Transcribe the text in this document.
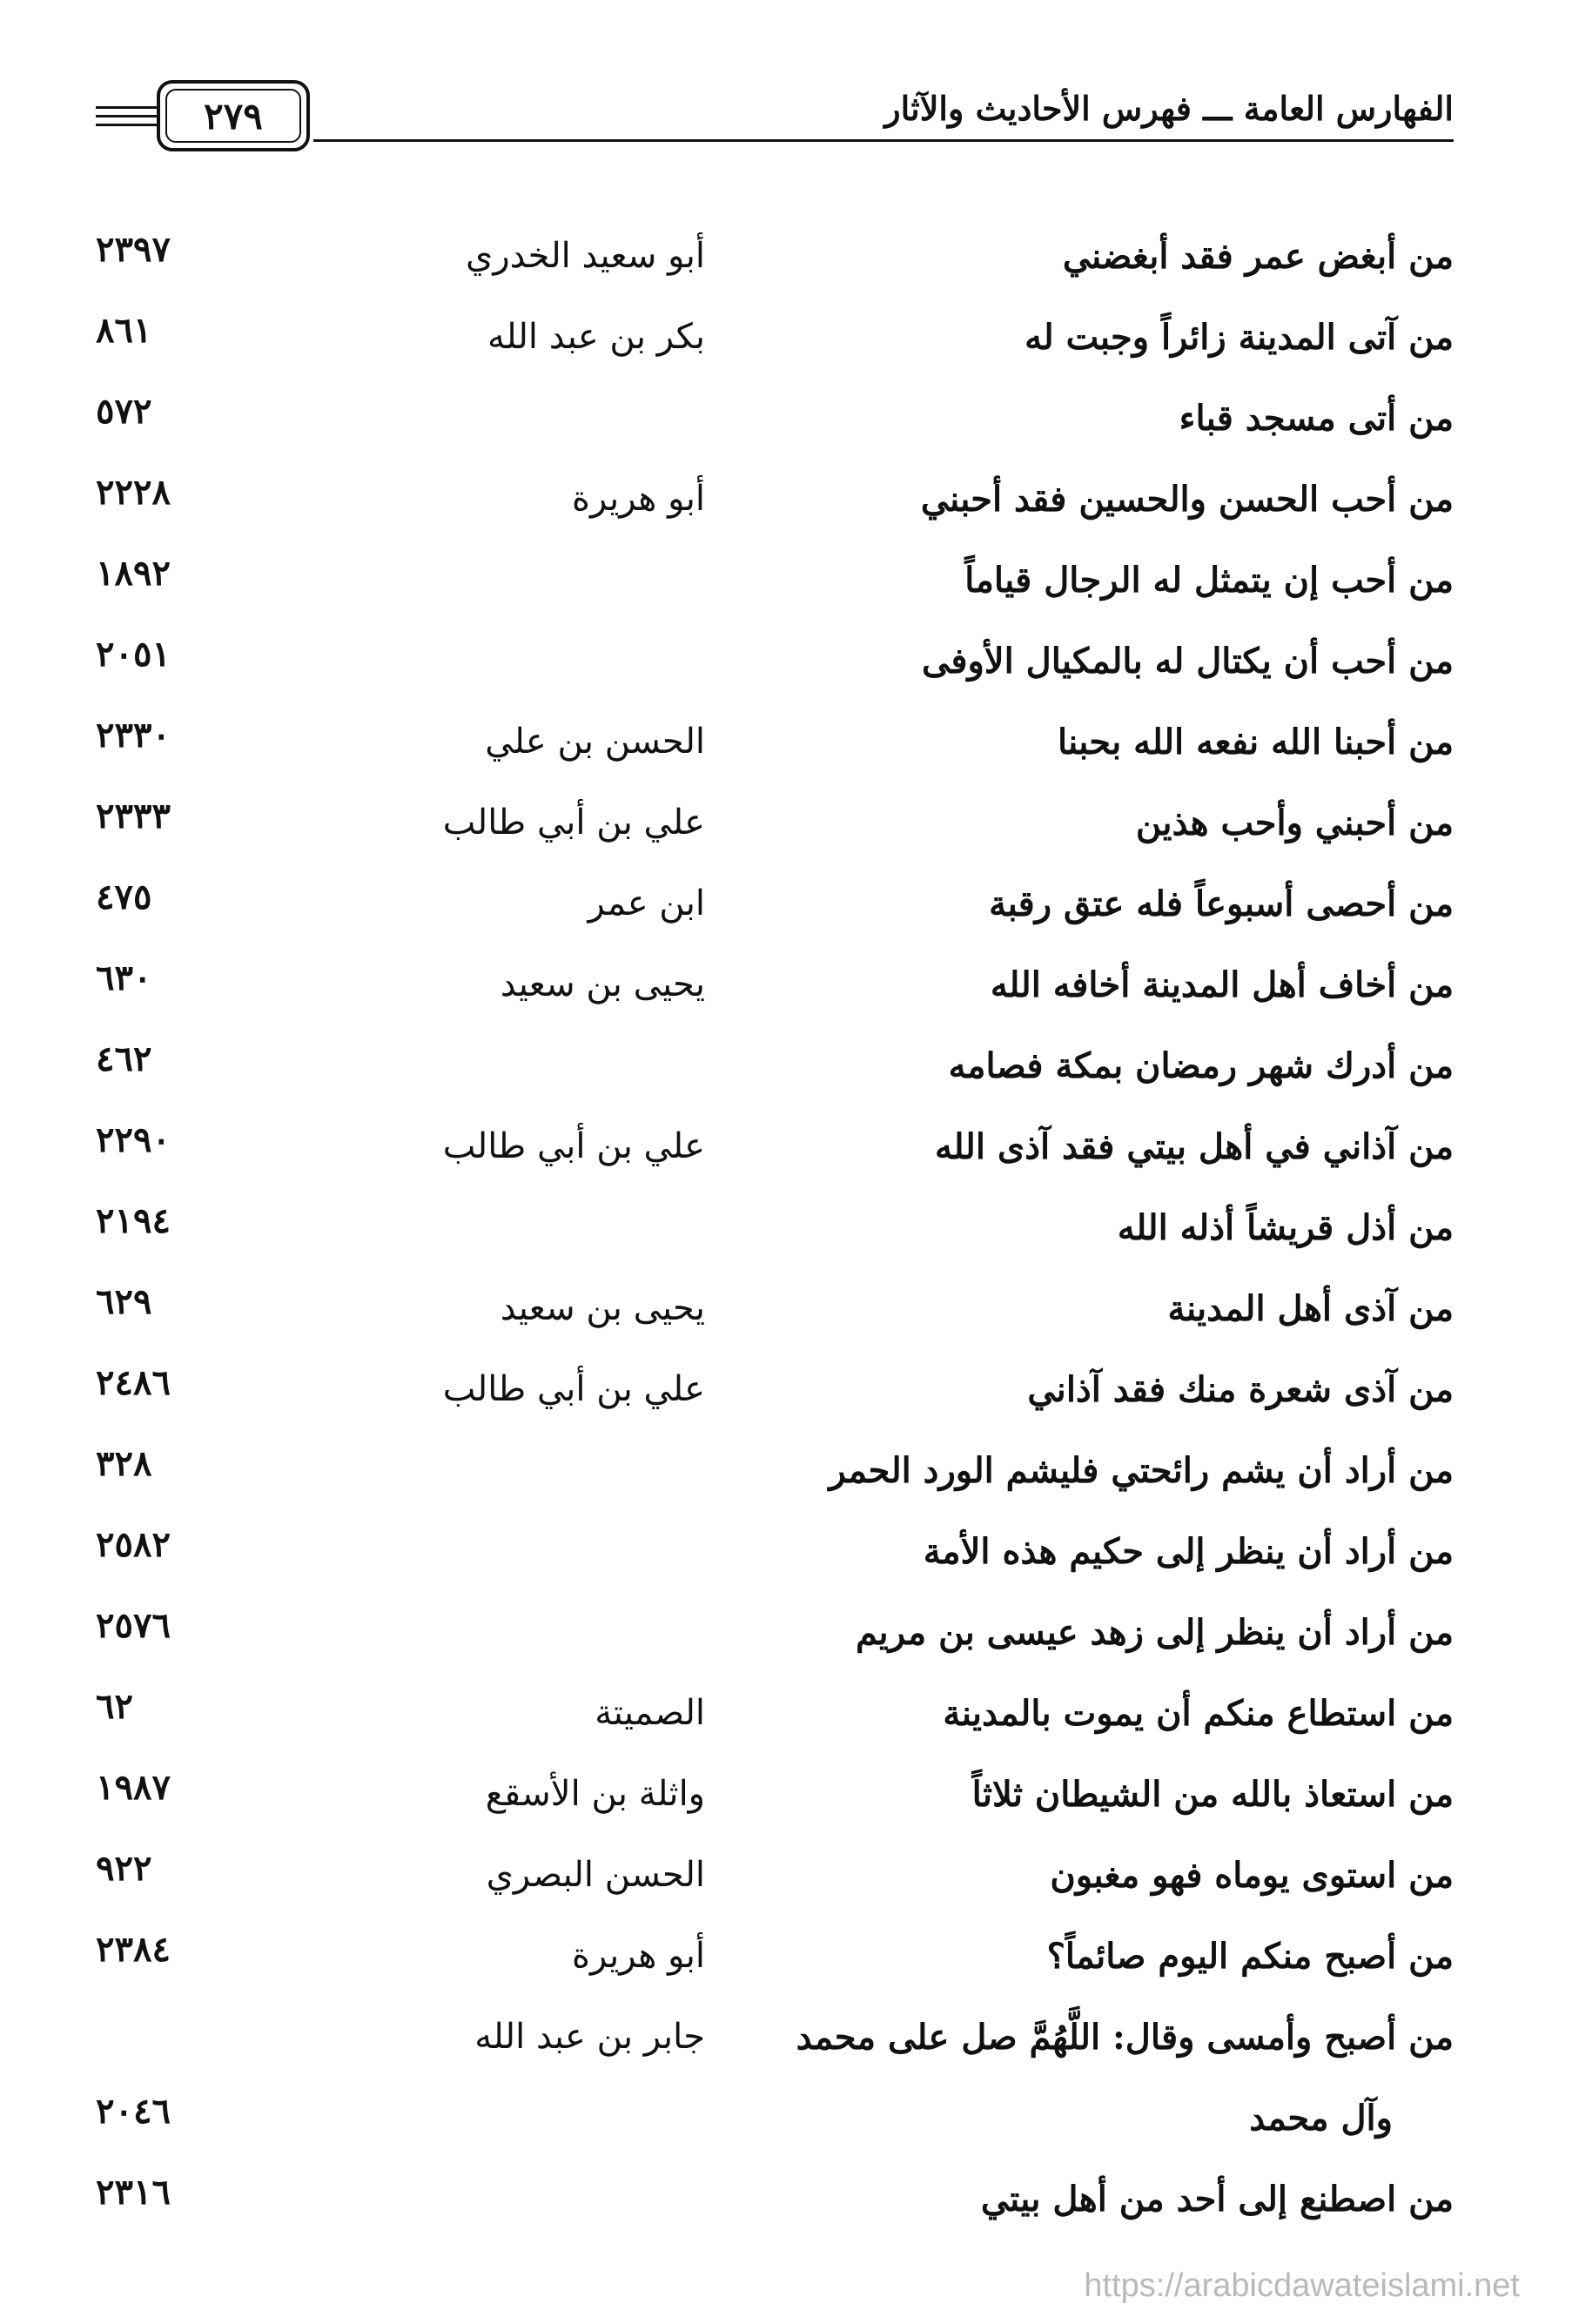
الفهارس العامة ـــ فهرس الأحاديث والآثار
٢٧٩
من أبغض عمر فقد أبغضني
أبو سعيد الخدري
٢٣٩٧
من آتى المدينة زائراً وجبت له
بكر بن عبد الله
٨٦١
من أتى مسجد قباء
٥٧٢
من أحب الحسن والحسين فقد أحبني
أبو هريرة
٢٢٢٨
من أحب إن يتمثل له الرجال قياماً
١٨٩٢
من أحب أن يكتال له بالمكيال الأوفى
٢٠٥١
من أحبنا الله نفعه الله بحبنا
الحسن بن علي
٢٣٣٠
من أحبني وأحب هذين
علي بن أبي طالب
٢٣٣٣
من أحصى أسبوعاً فله عتق رقبة
ابن عمر
٤٧٥
من أخاف أهل المدينة أخافه الله
يحيى بن سعيد
٦٣٠
من أدرك شهر رمضان بمكة فصامه
٤٦٢
من آذاني في أهل بيتي فقد آذى الله
علي بن أبي طالب
٢٢٩٠
من أذل قريشاً أذله الله
٢١٩٤
من آذى أهل المدينة
يحيى بن سعيد
٦٢٩
من آذى شعرة منك فقد آذاني
علي بن أبي طالب
٢٤٨٦
من أراد أن يشم رائحتي فليشم الورد الحمر
٣٢٨
من أراد أن ينظر إلى حكيم هذه الأمة
٢٥٨٢
من أراد أن ينظر إلى زهد عيسى بن مريم
٢٥٧٦
من استطاع منكم أن يموت بالمدينة
الصميتة
٦٢
من استعاذ بالله من الشيطان ثلاثاً
واثلة بن الأسقع
١٩٨٧
من استوى يوماه فهو مغبون
الحسن البصري
٩٢٢
من أصبح منكم اليوم صائماً؟
أبو هريرة
٢٣٨٤
من أصبح وأمسى وقال: اللَّهُمَّ صل على محمد
وآل محمد
جابر بن عبد الله
٢٠٤٦
من اصطنع إلى أحد من أهل بيتي
٢٣١٦
https://arabicdawateislami.net
